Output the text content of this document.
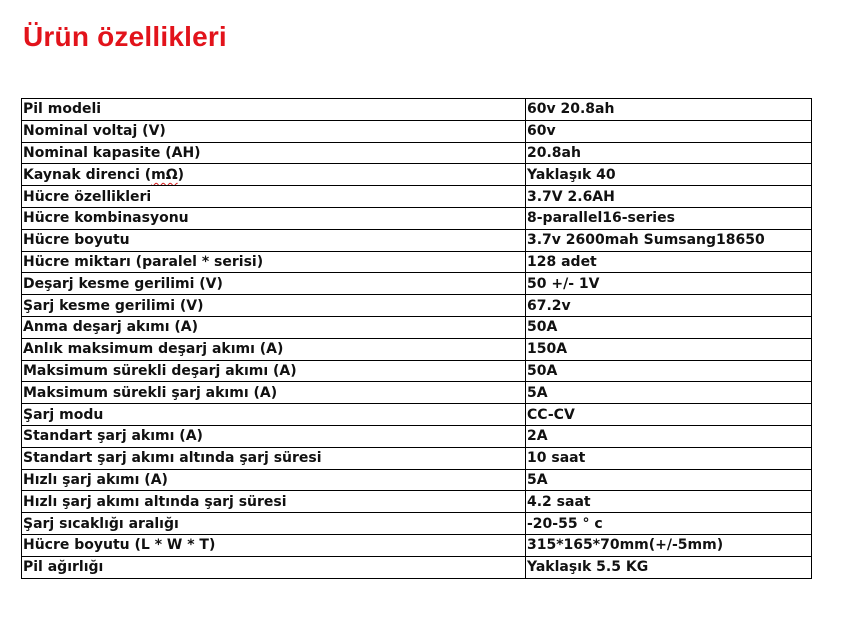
Ürün özellikleri
Pil modeli	60v 20.8ah
Nominal voltaj (V)	60v
Nominal kapasite (AH)	20.8ah
Kaynak direnci (mΩ)	Yaklaşık 40
Hücre özellikleri	3.7V 2.6AH
Hücre kombinasyonu	8-parallel16-series
Hücre boyutu	3.7v 2600mah Sumsang18650
Hücre miktarı (paralel * serisi)	128 adet
Deşarj kesme gerilimi (V)	50 +/- 1V
Şarj kesme gerilimi (V)	67.2v
Anma deşarj akımı (A)	50A
Anlık maksimum deşarj akımı (A)	150A
Maksimum sürekli deşarj akımı (A)	50A
Maksimum sürekli şarj akımı (A)	5A
Şarj modu	CC-CV
Standart şarj akımı (A)	2A
Standart şarj akımı altında şarj süresi	10 saat
Hızlı şarj akımı (A)	5A
Hızlı şarj akımı altında şarj süresi	4.2 saat
Şarj sıcaklığı aralığı	-20-55 ° c
Hücre boyutu (L * W * T)	315*165*70mm(+/-5mm)
Pil ağırlığı	Yaklaşık 5.5 KG
